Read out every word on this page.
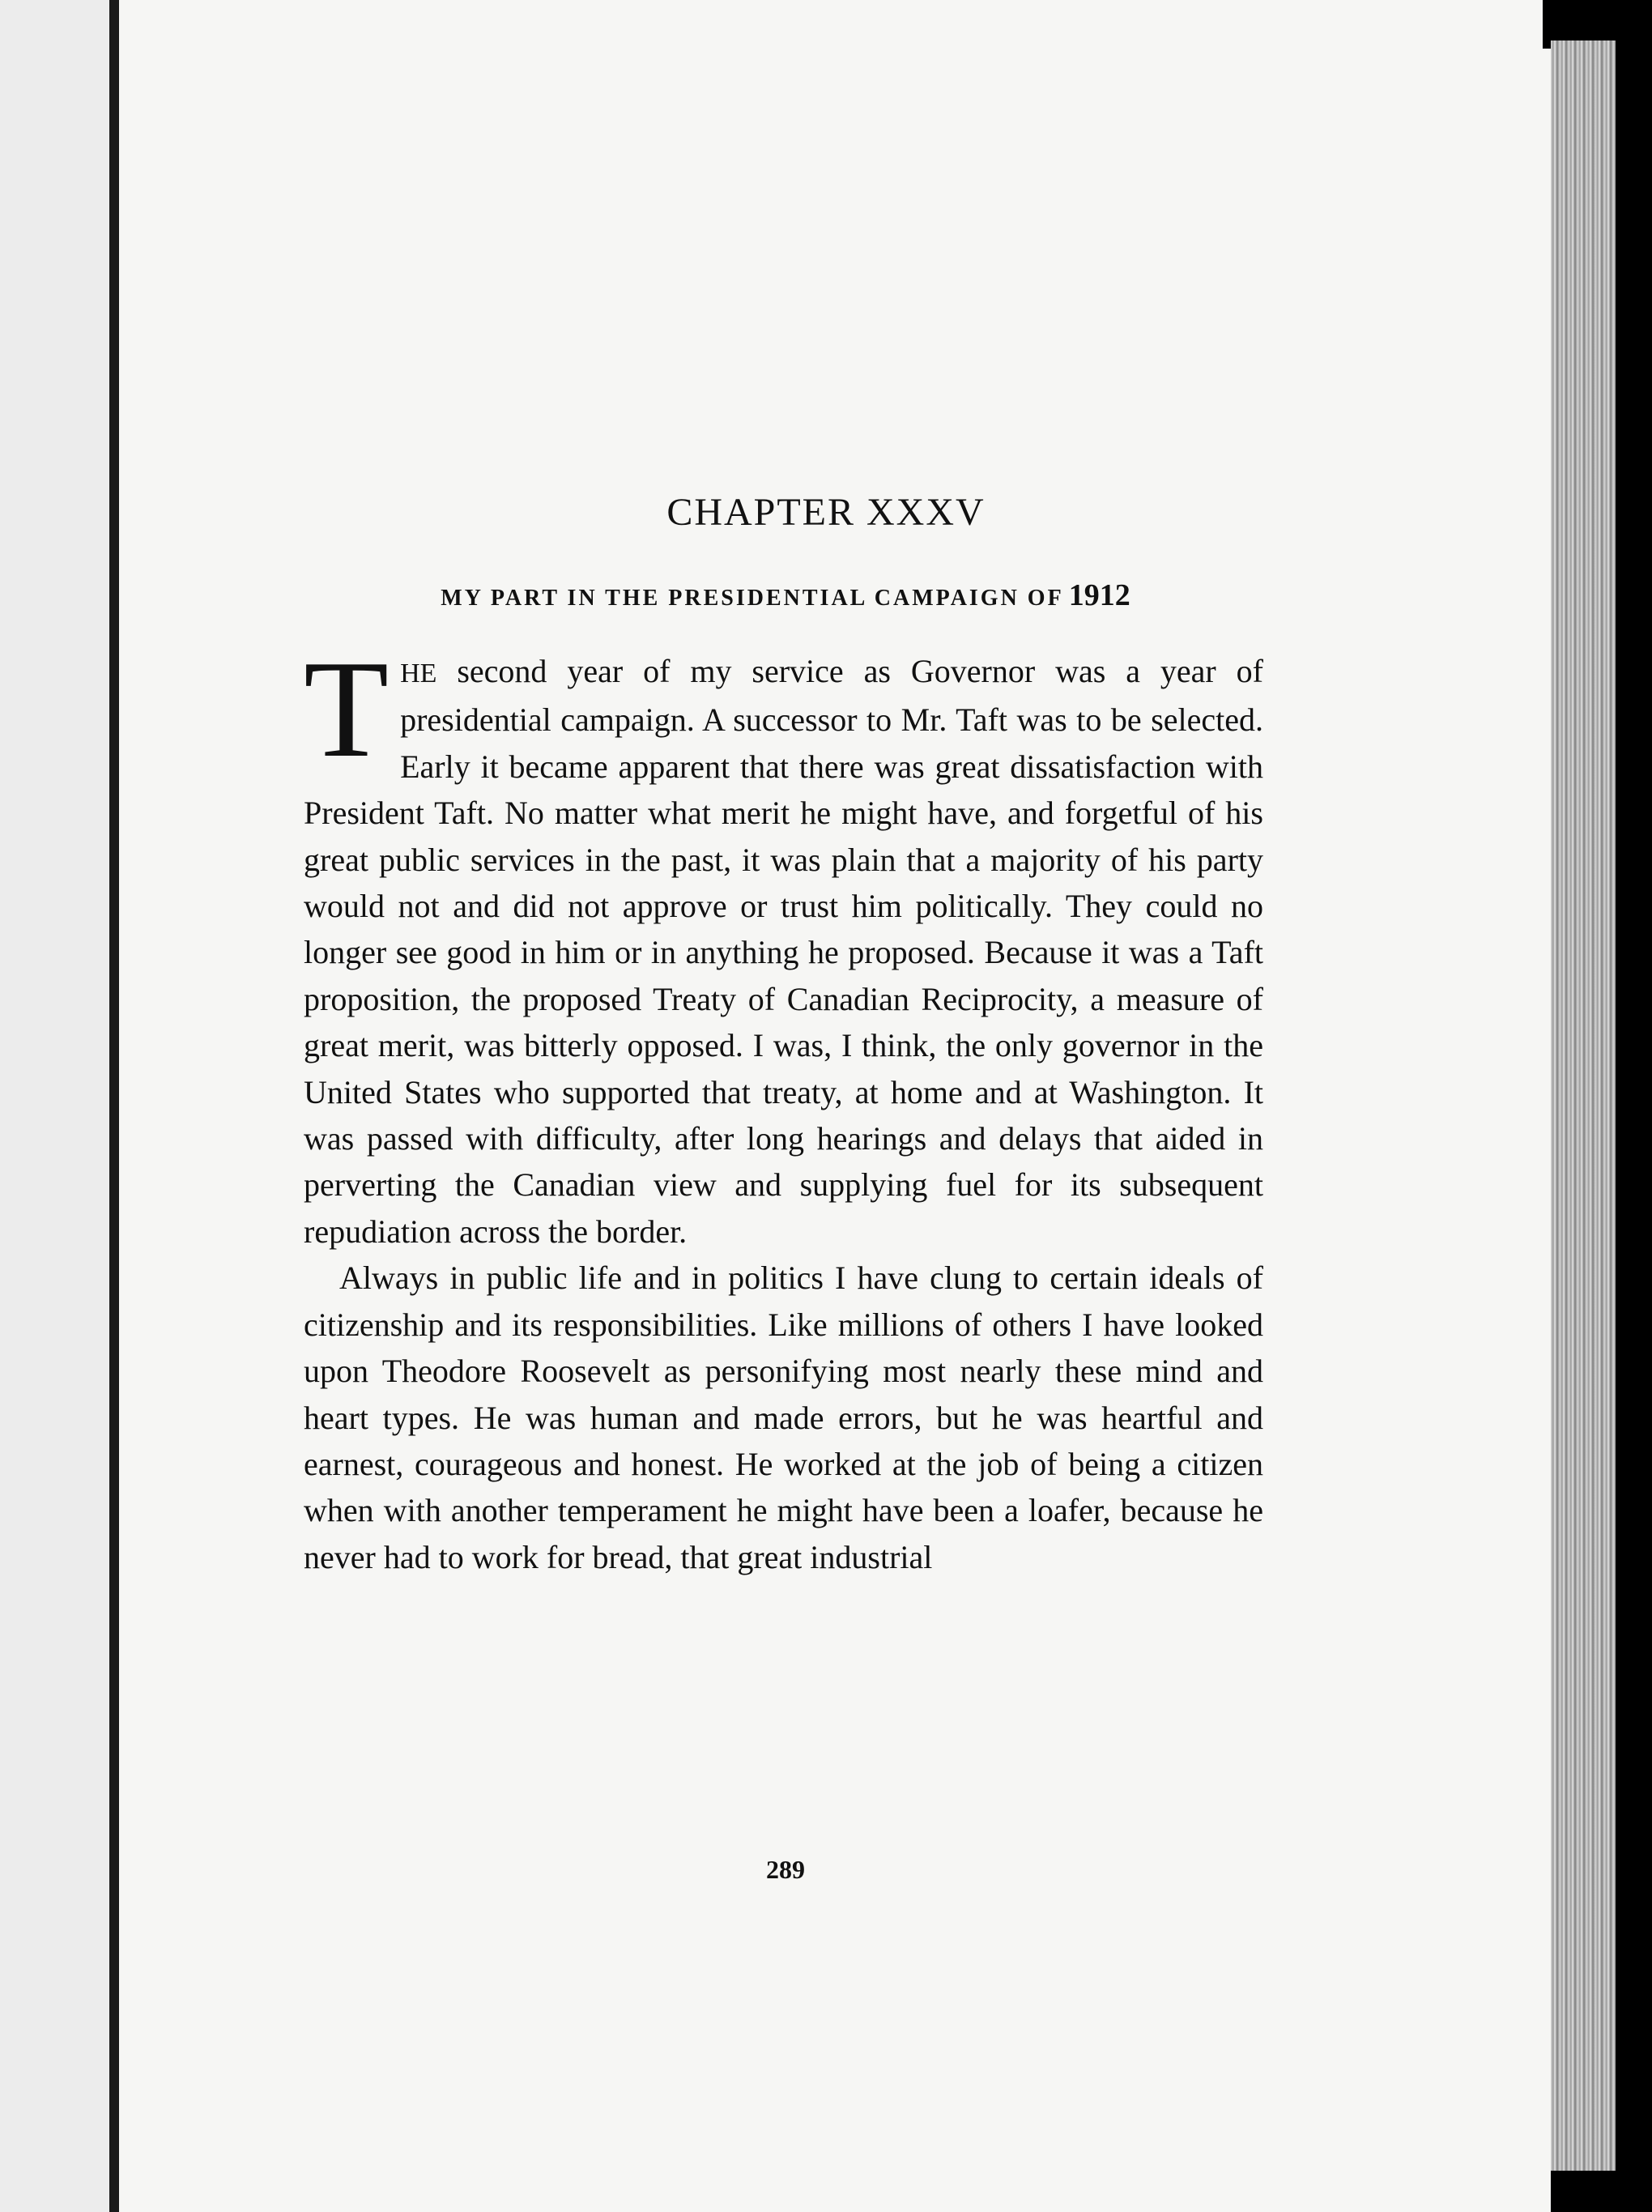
CHAPTER XXXV
MY PART IN THE PRESIDENTIAL CAMPAIGN OF 1912

THE second year of my service as Governor was a year of presidential campaign. A successor to Mr. Taft was to be selected. Early it became apparent that there was great dissatisfaction with President Taft. No matter what merit he might have, and forgetful of his great public services in the past, it was plain that a majority of his party would not and did not approve or trust him politically. They could no longer see good in him or in anything he proposed. Because it was a Taft proposition, the proposed Treaty of Canadian Reciprocity, a measure of great merit, was bitterly opposed. I was, I think, the only governor in the United States who supported that treaty, at home and at Washington. It was passed with difficulty, after long hearings and delays that aided in perverting the Canadian view and supplying fuel for its subsequent repudiation across the border.

Always in public life and in politics I have clung to certain ideals of citizenship and its responsibilities. Like millions of others I have looked upon Theodore Roosevelt as personifying most nearly these mind and heart types. He was human and made errors, but he was heartful and earnest, courageous and honest. He worked at the job of being a citizen when with another temperament he might have been a loafer, because he never had to work for bread, that great industrial

289
